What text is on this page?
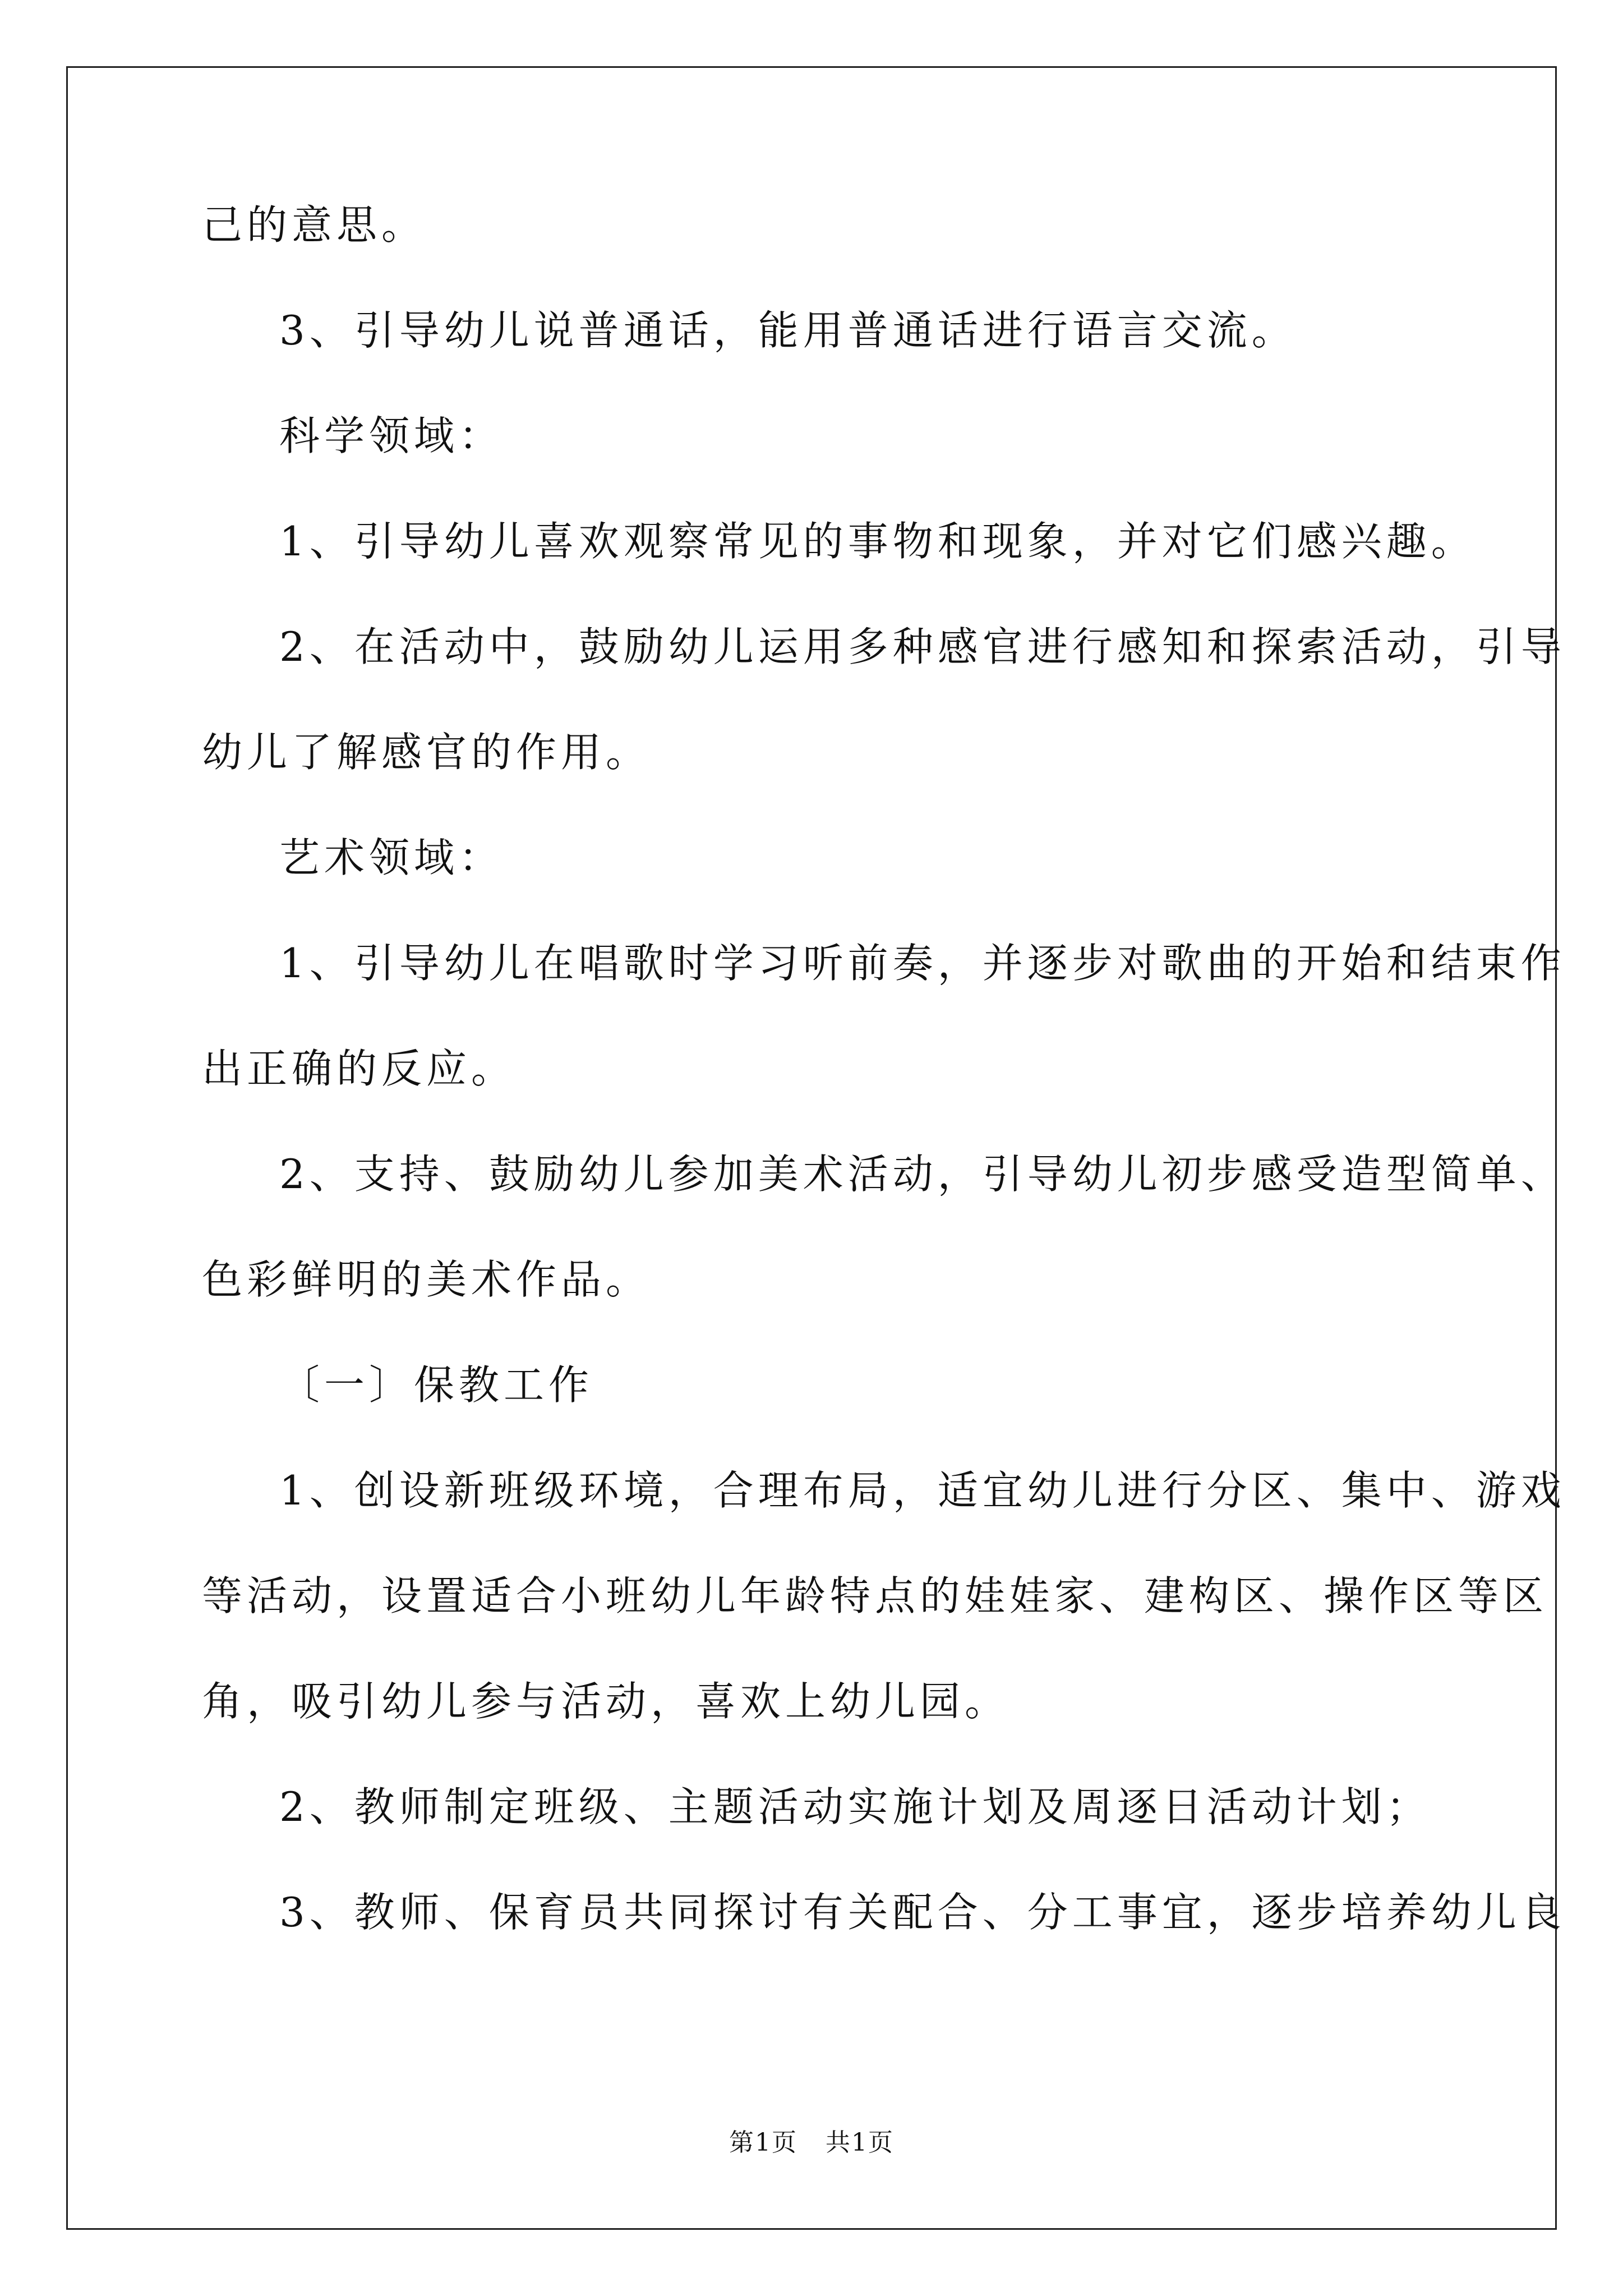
己的意思。

3、引导幼儿说普通话，能用普通话进行语言交流。

科学领域：

1、引导幼儿喜欢观察常见的事物和现象，并对它们感兴趣。

2、在活动中，鼓励幼儿运用多种感官进行感知和探索活动，引导

幼儿了解感官的作用。

艺术领域：

1、引导幼儿在唱歌时学习听前奏，并逐步对歌曲的开始和结束作

出正确的反应。

2、支持、鼓励幼儿参加美术活动，引导幼儿初步感受造型简单、

色彩鲜明的美术作品。

〔一〕保教工作

1、创设新班级环境，合理布局，适宜幼儿进行分区、集中、游戏

等活动，设置适合小班幼儿年龄特点的娃娃家、建构区、操作区等区

角，吸引幼儿参与活动，喜欢上幼儿园。

2、教师制定班级、主题活动实施计划及周逐日活动计划；

3、教师、保育员共同探讨有关配合、分工事宜，逐步培养幼儿良

第1页 共1页
